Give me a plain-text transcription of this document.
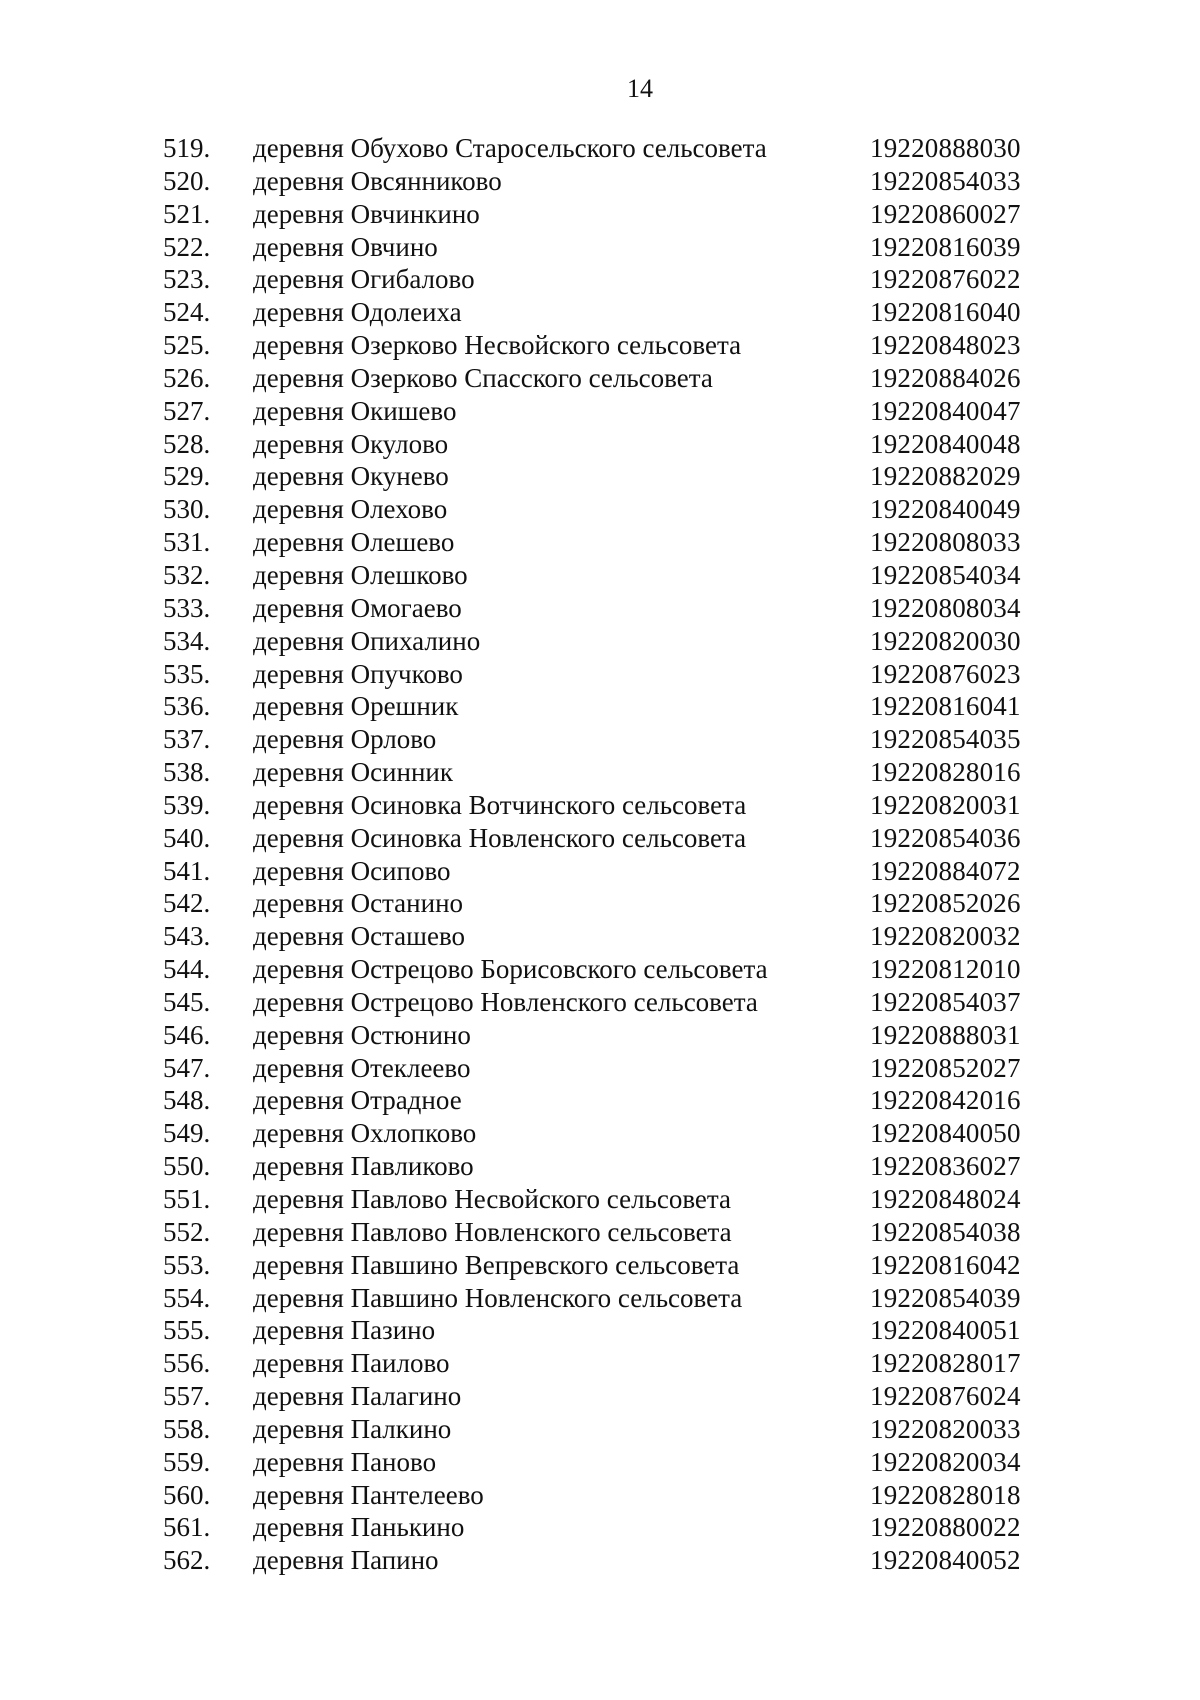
14
519. деревня Обухово Старосельского сельсовета	19220888030
520. деревня Овсянниково	19220854033
521. деревня Овчинкино	19220860027
522. деревня Овчино	19220816039
523. деревня Огибалово	19220876022
524. деревня Одолеиха	19220816040
525. деревня Озерково Несвойского сельсовета	19220848023
526. деревня Озерково Спасского сельсовета	19220884026
527. деревня Окишево	19220840047
528. деревня Окулово	19220840048
529. деревня Окунево	19220882029
530. деревня Олехово	19220840049
531. деревня Олешево	19220808033
532. деревня Олешково	19220854034
533. деревня Омогаево	19220808034
534. деревня Опихалино	19220820030
535. деревня Опучково	19220876023
536. деревня Орешник	19220816041
537. деревня Орлово	19220854035
538. деревня Осинник	19220828016
539. деревня Осиновка Вотчинского сельсовета	19220820031
540. деревня Осиновка Новленского сельсовета	19220854036
541. деревня Осипово	19220884072
542. деревня Останино	19220852026
543. деревня Осташево	19220820032
544. деревня Острецово Борисовского сельсовета	19220812010
545. деревня Острецово Новленского сельсовета	19220854037
546. деревня Остюнино	19220888031
547. деревня Отеклеево	19220852027
548. деревня Отрадное	19220842016
549. деревня Охлопково	19220840050
550. деревня Павликово	19220836027
551. деревня Павлово Несвойского сельсовета	19220848024
552. деревня Павлово Новленского сельсовета	19220854038
553. деревня Павшино Вепревского сельсовета	19220816042
554. деревня Павшино Новленского сельсовета	19220854039
555. деревня Пазино	19220840051
556. деревня Паилово	19220828017
557. деревня Палагино	19220876024
558. деревня Палкино	19220820033
559. деревня Паново	19220820034
560. деревня Пантелеево	19220828018
561. деревня Панькино	19220880022
562. деревня Папино	19220840052
